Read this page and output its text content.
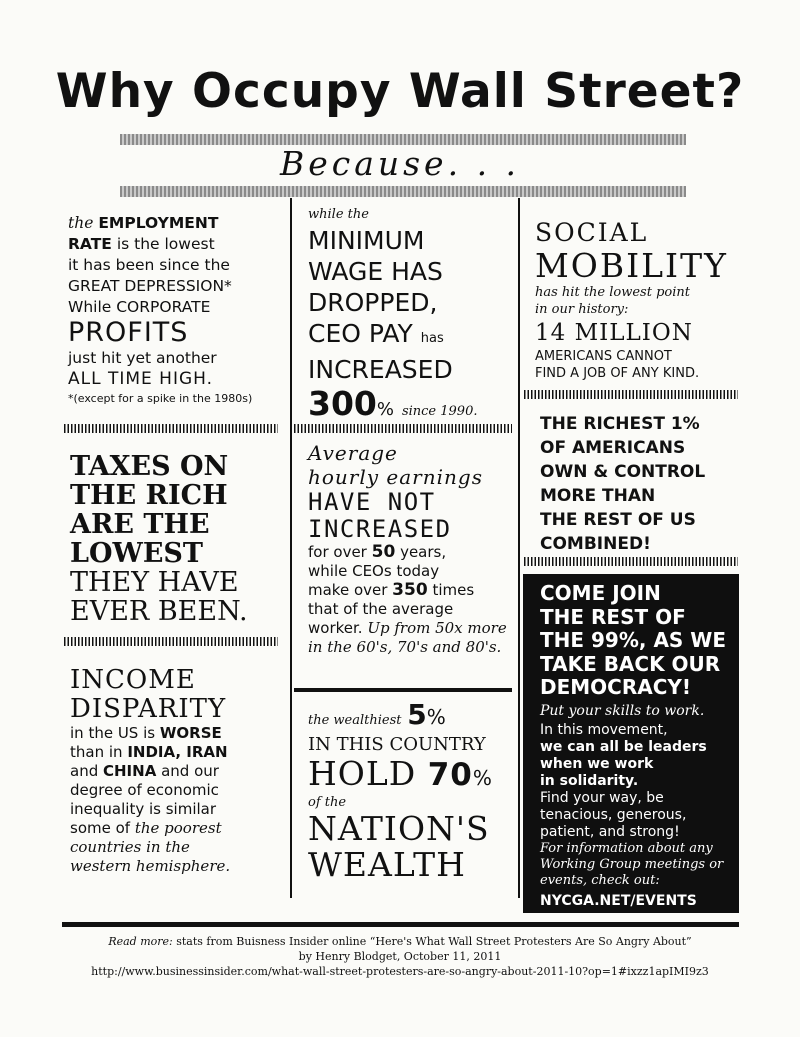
Why Occupy Wall Street?
Because. . .
the EMPLOYMENT
RATE is the lowest
it has been since the
GREAT DEPRESSION*
While CORPORATE
PROFITS
just hit yet another
ALL TIME HIGH.
*(except for a spike in the 1980s)
TAXES ON
THE RICH
ARE THE
LOWEST
THEY HAVE
EVER BEEN.
INCOME
DISPARITY
in the US is WORSE
than in INDIA, IRAN
and CHINA and our
degree of economic
inequality is similar
some of the poorest
countries in the
western hemisphere.
while the
MINIMUM
WAGE HAS
DROPPED,
CEO PAY has
INCREASED
300% since 1990.
Average
hourly earnings
HAVE NOT
INCREASED
for over 50 years,
while CEOs today
make over 350 times
that of the average
worker. Up from 50x more
in the 60's, 70's and 80's.
the wealthiest 5%
IN THIS COUNTRY
HOLD 70%
of the
NATION'S
WEALTH
SOCIAL
MOBILITY
has hit the lowest point
in our history:
14 MILLION
AMERICANS CANNOT
FIND A JOB OF ANY KIND.
THE RICHEST 1%
OF AMERICANS
OWN & CONTROL
MORE THAN
THE REST OF US
COMBINED!
COME JOIN
THE REST OF
THE 99%, AS WE
TAKE BACK OUR
DEMOCRACY!
Put your skills to work.
In this movement,
we can all be leaders
when we work
in solidarity.
Find your way, be
tenacious, generous,
patient, and strong!
For information about any
Working Group meetings or
events, check out:
NYCGA.NET/EVENTS
Read more: stats from Buisness Insider online “Here's What Wall Street Protesters Are So Angry About”
by Henry Blodget, October 11, 2011
http://www.businessinsider.com/what-wall-street-protesters-are-so-angry-about-2011-10?op=1#ixzz1apIMI9z3
